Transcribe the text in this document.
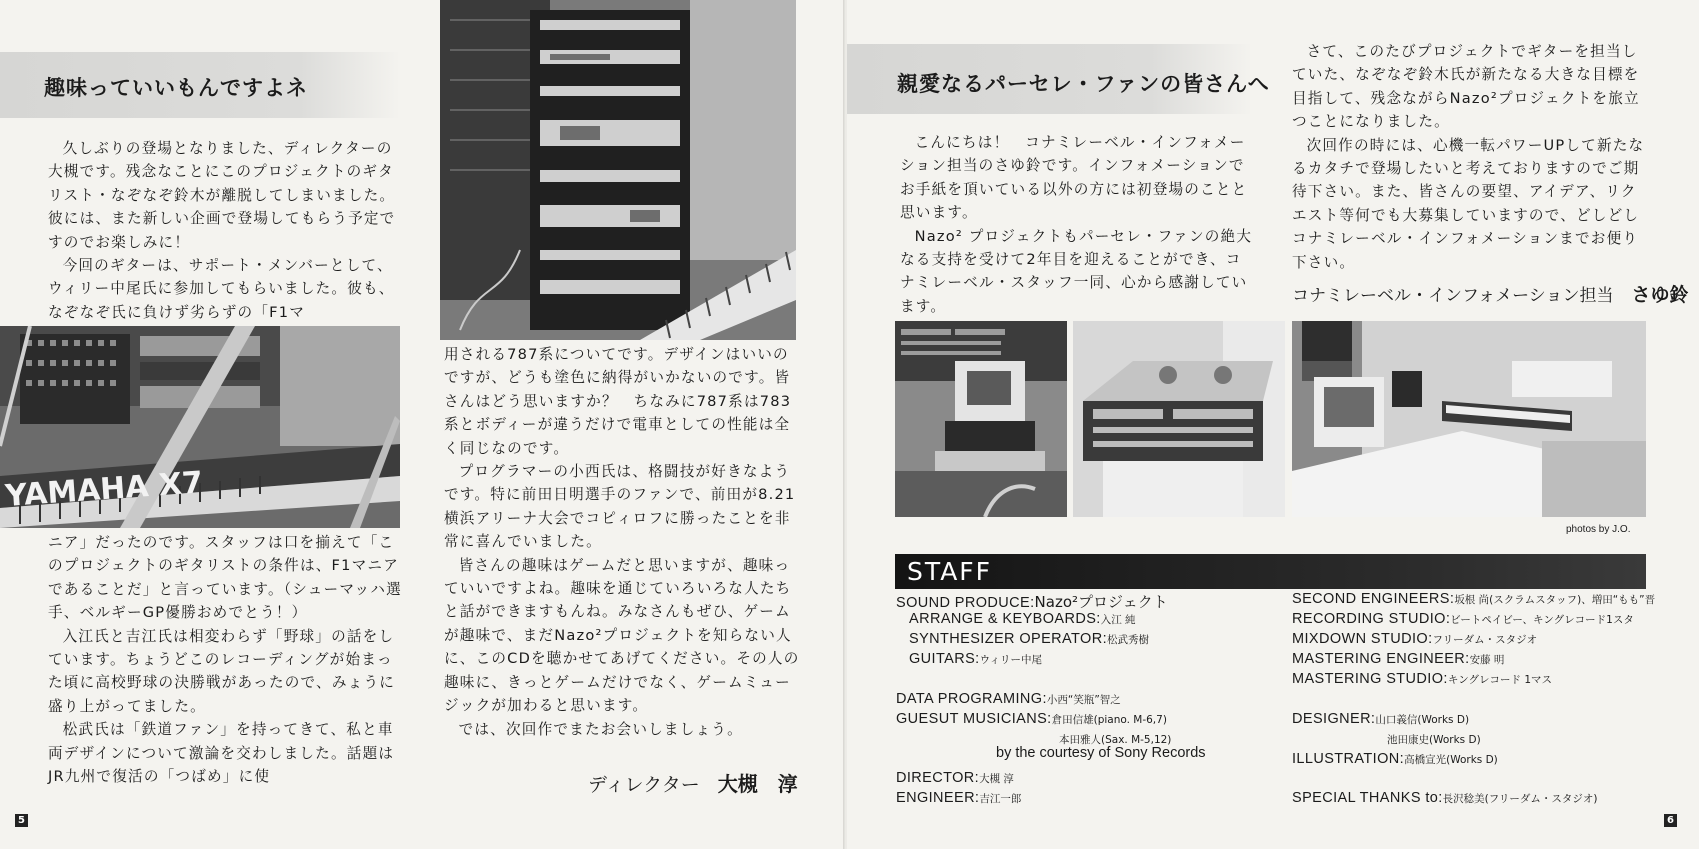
趣味っていいもんですよネ

久しぶりの登場となりました、ディレクターの大槻です。残念なことにこのプロジェクトのギタリスト・なぞなぞ鈴木が離脱してしまいました。彼には、また新しい企画で登場してもらう予定ですのでお楽しみに！

今回のギターは、サポート・メンバーとして、ウィリー中尾氏に参加してもらいました。彼も、なぞなぞ氏に負けず劣らずの「F1マ

YAMAHA X7

ニア」だったのです。スタッフは口を揃えて「このプロジェクトのギタリストの条件は、F1マニアであることだ」と言っています。（シューマッハ選手、ベルギーGP優勝おめでとう！）

入江氏と吉江氏は相変わらず「野球」の話をしています。ちょうどこのレコーディングが始まった頃に高校野球の決勝戦があったので、みょうに盛り上がってました。

松武氏は「鉄道ファン」を持ってきて、私と車両デザインについて激論を交わしました。話題はJR九州で復活の「つばめ」に使

用される787系についてです。デザインはいいのですが、どうも塗色に納得がいかないのです。皆さんはどう思いますか？　ちなみに787系は783系とボディーが違うだけで電車としての性能は全く同じなのです。

プログラマーの小西氏は、格闘技が好きなようです。特に前田日明選手のファンで、前田が8.21横浜アリーナ大会でコピィロフに勝ったことを非常に喜んでいました。

皆さんの趣味はゲームだと思いますが、趣味っていいですよね。趣味を通じていろいろな人たちと話ができますもんね。みなさんもぜひ、ゲームが趣味で、まだNazo²プロジェクトを知らない人に、このCDを聴かせてあげてください。その人の趣味に、きっとゲームだけでなく、ゲームミュージックが加わると思います。

では、次回作でまたお会いしましょう。

ディレクター 大槻　淳
5
親愛なるパーセレ・ファンの皆さんへ

こんにちは！　コナミレーベル・インフォメーション担当のさゆ鈴です。インフォメーションでお手紙を頂いている以外の方には初登場のことと思います。

Nazo² プロジェクトもパーセレ・ファンの絶大なる支持を受けて2年目を迎えることができ、コナミレーベル・スタッフ一同、心から感謝しています。

さて、このたびプロジェクトでギターを担当していた、なぞなぞ鈴木氏が新たなる大きな目標を目指して、残念ながらNazo²プロジェクトを旅立つことになりました。

次回作の時には、心機一転パワーUPして新たなるカタチで登場したいと考えておりますのでご期待下さい。また、皆さんの要望、アイデア、リクエスト等何でも大募集していますので、どしどしコナミレーベル・インフォメーションまでお便り下さい。

コナミレーベル・インフォメーション担当 さゆ鈴
photos by J.O.
STAFF
SOUND PRODUCE:Nazo²プロジェクト
ARRANGE & KEYBOARDS:入江 純
SYNTHESIZER OPERATOR:松武秀樹
GUITARS:ウィリー中尾
DATA PROGRAMING:小西“笑瓶”智之
GUESUT MUSICIANS:倉田信雄(piano. M-6,7)
本田雅人(Sax. M-5,12)
by the courtesy of Sony Records
DIRECTOR:大槻 淳
ENGINEER:吉江一郎
SECOND ENGINEERS:坂根 尚(スクラムスタッフ)、増田“もも”晋
RECORDING STUDIO:ビートペイビー、キングレコード1スタ
MIXDOWN STUDIO:フリーダム・スタジオ
MASTERING ENGINEER:安藤 明
MASTERING STUDIO:キングレコード 1マス
DESIGNER:山口義信(Works D)
池田康史(Works D)
ILLUSTRATION:高橋宣光(Works D)
SPECIAL THANKS to:長沢稔美(フリーダム・スタジオ)
6
